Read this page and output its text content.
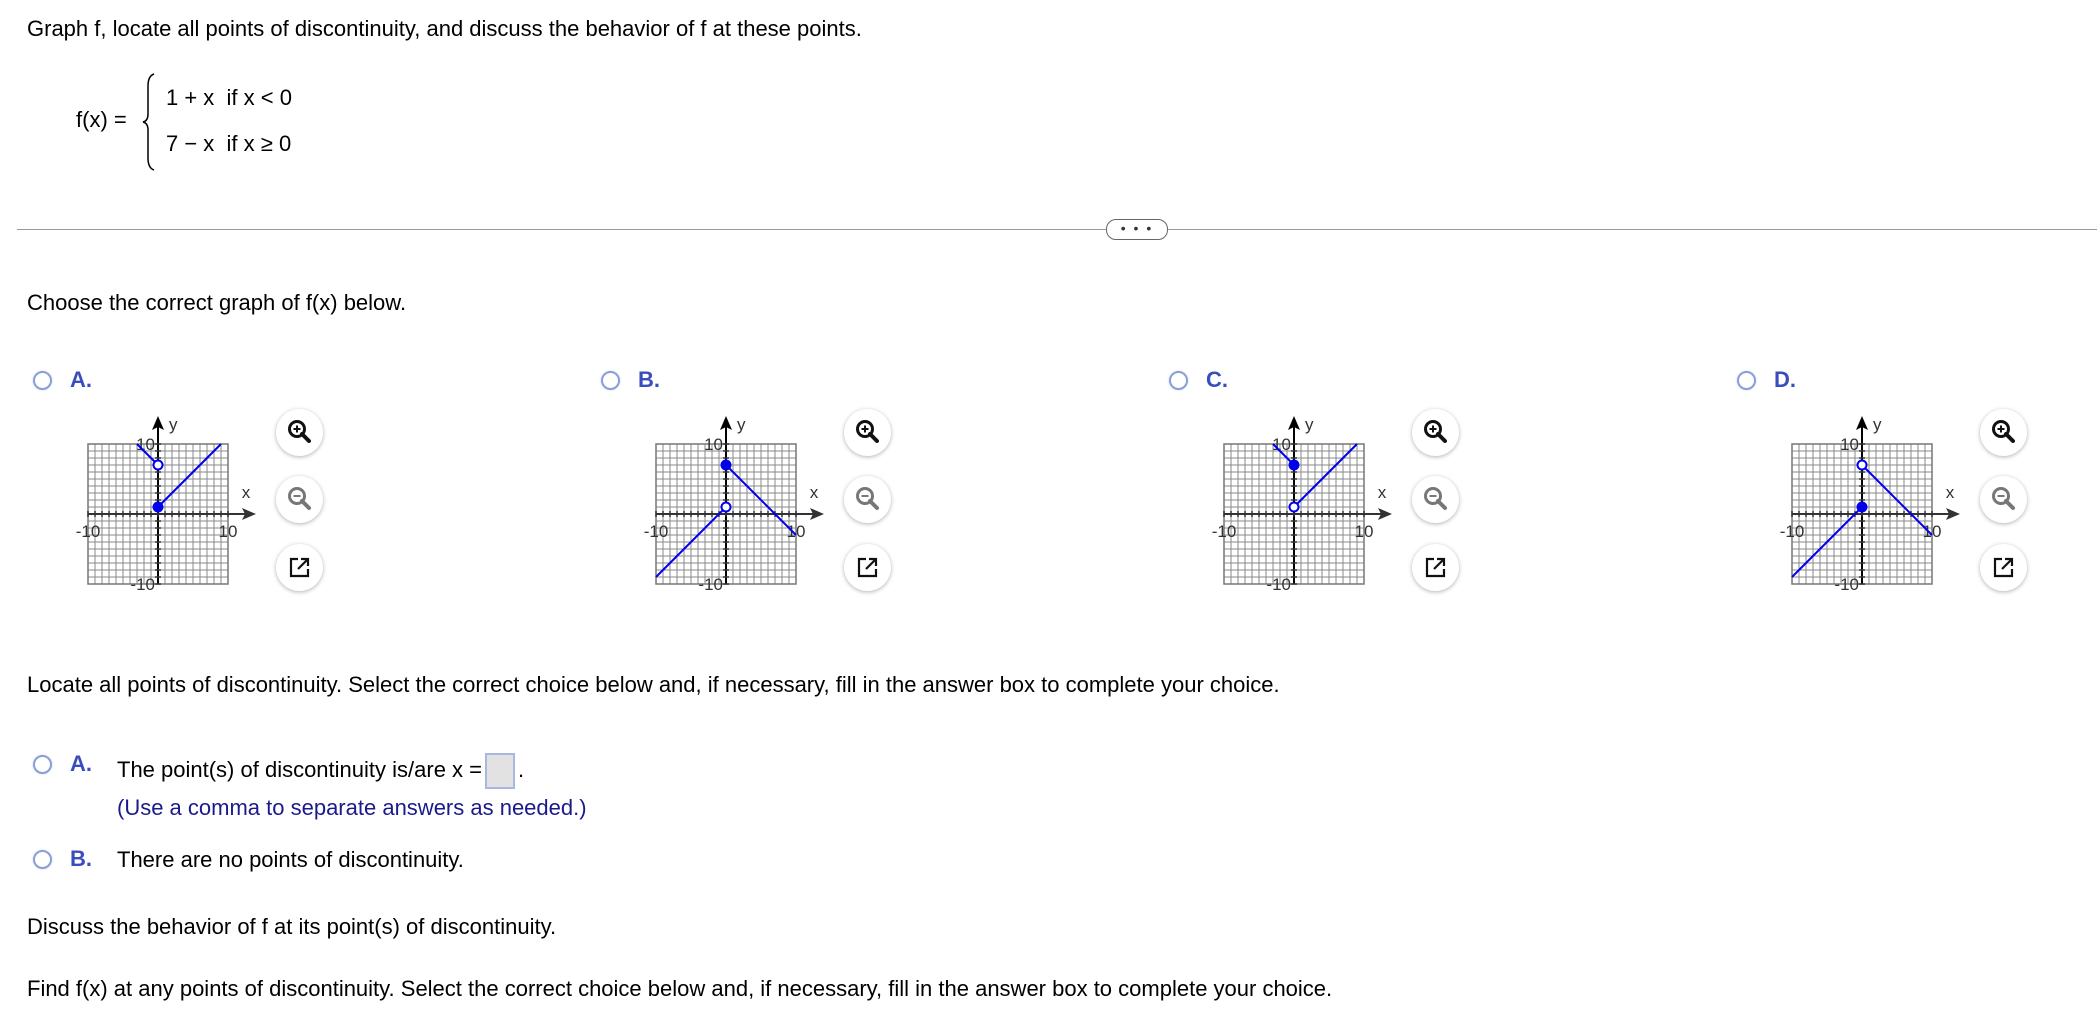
Graph f, locate all points of discontinuity, and discuss the behavior of f at these points.
f(x) =
1 + x if x < 0
7 − x if x ≥ 0
• • •
Choose the correct graph of f(x) below.
A.
y
x
-10	10
10
-10
B.
y
x
-10	10
10
-10
C.
y
x
-10	10
10
-10
D.
y
x
-10	10
10
-10
Locate all points of discontinuity. Select the correct choice below and, if necessary, fill in the answer box to complete your choice.
A. The point(s) of discontinuity is/are x = .
(Use a comma to separate answers as needed.)
B. There are no points of discontinuity.
Discuss the behavior of f at its point(s) of discontinuity.
Find f(x) at any points of discontinuity. Select the correct choice below and, if necessary, fill in the answer box to complete your choice.
